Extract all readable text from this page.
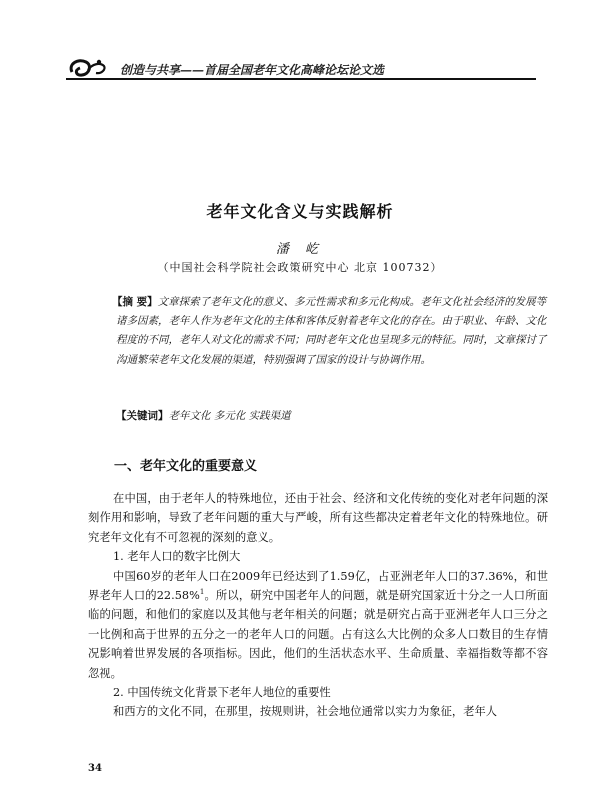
创造与共享——首届全国老年文化高峰论坛论文选
老年文化含义与实践解析
潘 屹
（中国社会科学院社会政策研究中心 北京 100732）
【摘 要】文章探索了老年文化的意义、多元性需求和多元化构成。老年文化社会经济的发展等诸多因素，老年人作为老年文化的主体和客体反射着老年文化的存在。由于职业、年龄、文化程度的不同，老年人对文化的需求不同；同时老年文化也呈现多元的特征。同时，文章探讨了沟通繁荣老年文化发展的渠道，特别强调了国家的设计与协调作用。
【关键词】老年文化 多元化 实践渠道
一、老年文化的重要意义

在中国，由于老年人的特殊地位，还由于社会、经济和文化传统的变化对老年问题的深刻作用和影响，导致了老年问题的重大与严峻，所有这些都决定着老年文化的特殊地位。研究老年文化有不可忽视的深刻的意义。

1. 老年人口的数字比例大

中国60岁的老年人口在2009年已经达到了1.59亿，占亚洲老年人口的37.36%，和世界老年人口的22.58%$^1$。所以，研究中国老年人的问题，就是研究国家近十分之一人口所面临的问题，和他们的家庭以及其他与老年相关的问题；就是研究占高于亚洲老年人口三分之一比例和高于世界的五分之一的老年人口的问题。占有这么大比例的众多人口数目的生存情况影响着世界发展的各项指标。因此，他们的生活状态水平、生命质量、幸福指数等都不容忽视。

2. 中国传统文化背景下老年人地位的重要性

和西方的文化不同，在那里，按规则讲，社会地位通常以实力为象征，老年人

34
